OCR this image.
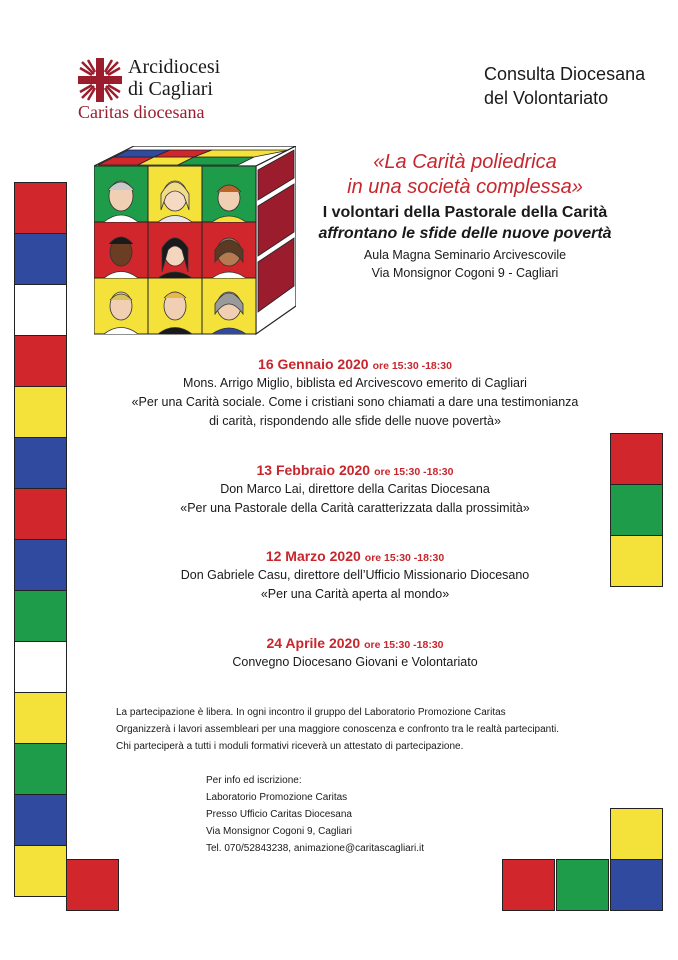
Arcidiocesi
di Cagliari
Caritas diocesana
Consulta Diocesana
del Volontariato
«La Carità poliedrica
in una società complessa»
I volontari della Pastorale della Carità
affrontano le sfide delle nuove povertà
Aula Magna Seminario Arcivescovile
Via Monsignor Cogoni 9 - Cagliari
16 Gennaio 2020 ore 15:30 -18:30
Mons. Arrigo Miglio, biblista ed Arcivescovo emerito di Cagliari
«Per una Carità sociale. Come i cristiani sono chiamati a dare una testimonianza
di carità, rispondendo alle sfide delle nuove povertà»
13 Febbraio 2020 ore 15:30 -18:30
Don Marco Lai, direttore della Caritas Diocesana
«Per una Pastorale della Carità caratterizzata dalla prossimità»
12 Marzo 2020 ore 15:30 -18:30
Don Gabriele Casu, direttore dell’Ufficio Missionario Diocesano
«Per una Carità aperta al mondo»
24 Aprile 2020 ore 15:30 -18:30
Convegno Diocesano Giovani e Volontariato
La partecipazione è libera. In ogni incontro il gruppo del Laboratorio Promozione Caritas
Organizzerà i lavori assembleari per una maggiore conoscenza e confronto tra le realtà partecipanti.
Chi parteciperà a tutti i moduli formativi riceverà un attestato di partecipazione.
Per info ed iscrizione:
Laboratorio Promozione Caritas
Presso Ufficio Caritas Diocesana
Via Monsignor Cogoni 9, Cagliari
Tel. 070/52843238, animazione@caritascagliari.it
